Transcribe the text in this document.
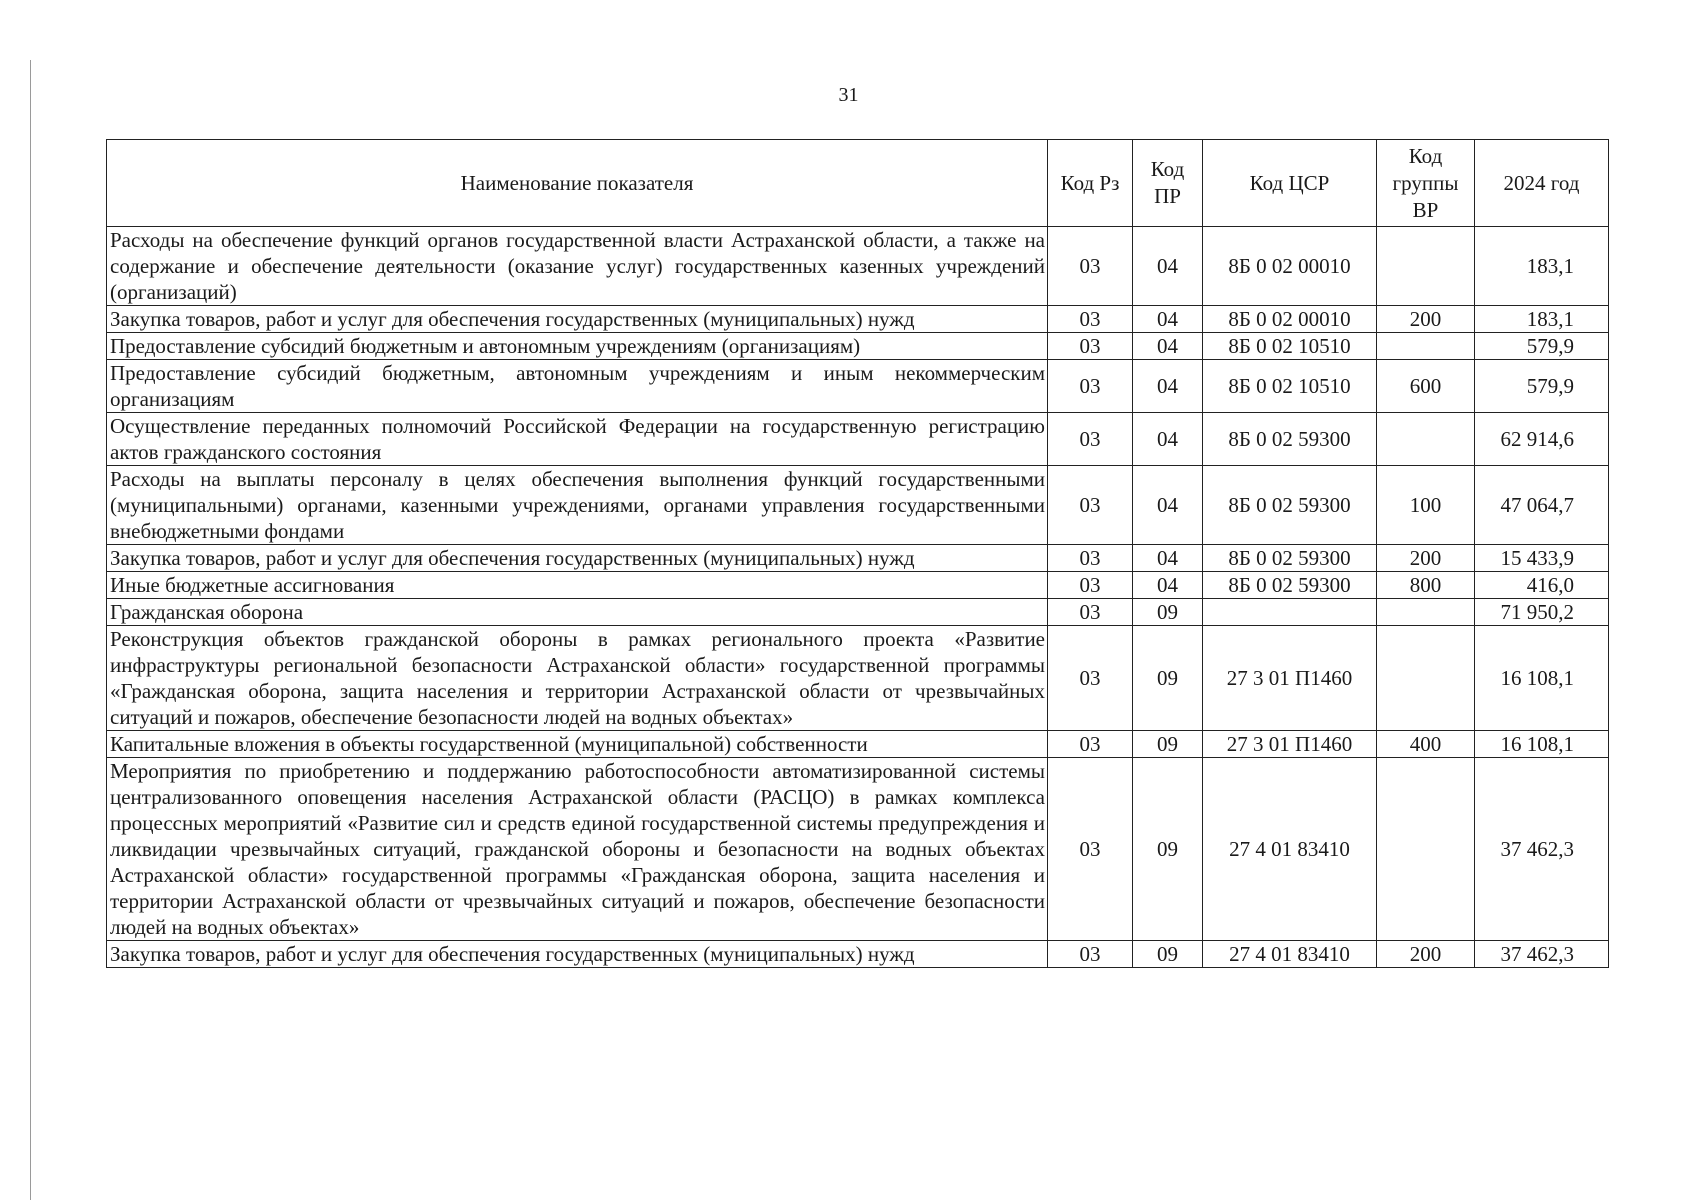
31
Наименование показателя	Код Рз	Код ПР	Код ЦСР	Код группы ВР	2024 год
Расходы на обеспечение функций органов государственной власти Астраханской области, а также на содержание и обеспечение деятельности (оказание услуг) государственных казенных учреждений (организаций)	03	04	8Б 0 02 00010		183,1
Закупка товаров, работ и услуг для обеспечения государственных (муниципальных) нужд	03	04	8Б 0 02 00010	200	183,1
Предоставление субсидий бюджетным и автономным учреждениям (организациям)	03	04	8Б 0 02 10510		579,9
Предоставление субсидий бюджетным, автономным учреждениям и иным некоммерческим организациям	03	04	8Б 0 02 10510	600	579,9
Осуществление переданных полномочий Российской Федерации на государственную регистрацию актов гражданского состояния	03	04	8Б 0 02 59300		62 914,6
Расходы на выплаты персоналу в целях обеспечения выполнения функций государственными (муниципальными) органами, казенными учреждениями, органами управления государственными внебюджетными фондами	03	04	8Б 0 02 59300	100	47 064,7
Закупка товаров, работ и услуг для обеспечения государственных (муниципальных) нужд	03	04	8Б 0 02 59300	200	15 433,9
Иные бюджетные ассигнования	03	04	8Б 0 02 59300	800	416,0
Гражданская оборона	03	09			71 950,2
Реконструкция объектов гражданской обороны в рамках регионального проекта «Развитие инфраструктуры региональной безопасности Астраханской области» государственной программы «Гражданская оборона, защита населения и территории Астраханской области от чрезвычайных ситуаций и пожаров, обеспечение безопасности людей на водных объектах»	03	09	27 3 01 П1460		16 108,1
Капитальные вложения в объекты государственной (муниципальной) собственности	03	09	27 3 01 П1460	400	16 108,1
Мероприятия по приобретению и поддержанию работоспособности автоматизированной системы централизованного оповещения населения Астраханской области (РАСЦО) в рамках комплекса процессных мероприятий «Развитие сил и средств единой государственной системы предупреждения и ликвидации чрезвычайных ситуаций, гражданской обороны и безопасности на водных объектах Астраханской области» государственной программы «Гражданская оборона, защита населения и территории Астраханской области от чрезвычайных ситуаций и пожаров, обеспечение безопасности людей на водных объектах»	03	09	27 4 01 83410		37 462,3
Закупка товаров, работ и услуг для обеспечения государственных (муниципальных) нужд	03	09	27 4 01 83410	200	37 462,3
